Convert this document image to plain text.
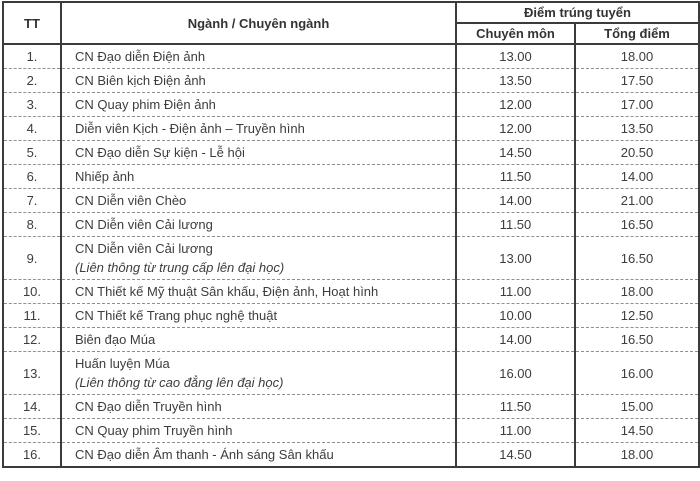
TT	Ngành / Chuyên ngành	Điểm trúng tuyển	
		Chuyên môn	Tổng điểm
1.	CN Đạo diễn Điện ảnh	13.00	18.00
2.	CN Biên kịch Điện ảnh	13.50	17.50
3.	CN Quay phim Điện ảnh	12.00	17.00
4.	Diễn viên Kịch - Điện ảnh – Truyền hình	12.00	13.50
5.	CN Đạo diễn Sự kiện - Lễ hội	14.50	20.50
6.	Nhiếp ảnh	11.50	14.00
7.	CN Diễn viên Chèo	14.00	21.00
8.	CN Diễn viên Cải lương	11.50	16.50
9.	CN Diễn viên Cải lương
(Liên thông từ trung cấp lên đại học)	13.00	16.50
10.	CN Thiết kế Mỹ thuật Sân khấu, Điện ảnh, Hoạt hình	11.00	18.00
11.	CN Thiết kế Trang phục nghệ thuật	10.00	12.50
12.	Biên đạo Múa	14.00	16.50
13.	Huấn luyện Múa
(Liên thông từ cao đẳng lên đại học)	16.00	16.00
14.	CN Đạo diễn Truyền hình	11.50	15.00
15.	CN Quay phim Truyền hình	11.00	14.50
16.	CN Đạo diễn Âm thanh - Ánh sáng Sân khấu	14.50	18.00
